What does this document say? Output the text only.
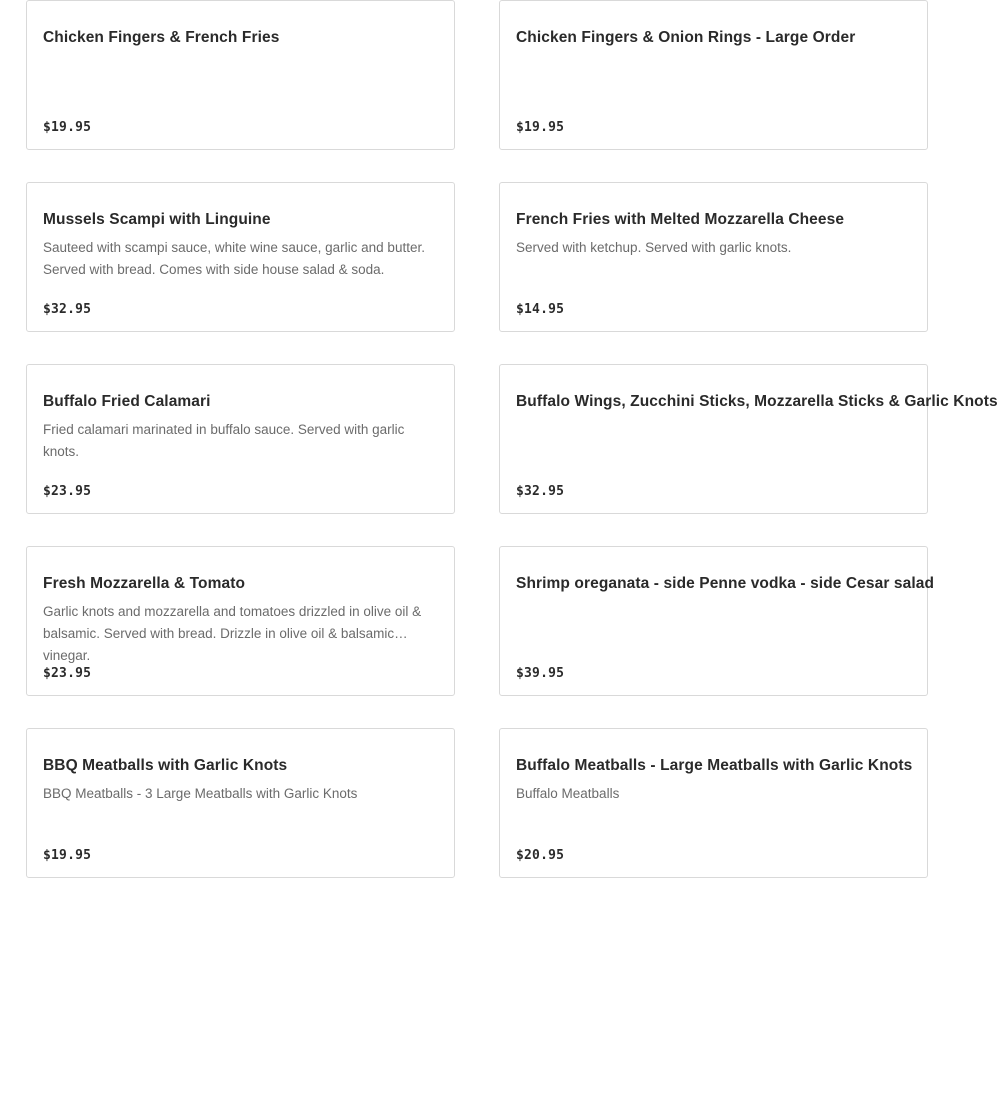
Chicken Fingers & French Fries
$19.95
Chicken Fingers & Onion Rings - Large Order
$19.95
Mussels Scampi with Linguine
Sauteed with scampi sauce, white wine sauce, garlic and butter. Served with bread. Comes with side house salad & soda.
$32.95
French Fries with Melted Mozzarella Cheese
Served with ketchup. Served with garlic knots.
$14.95
Buffalo Fried Calamari
Fried calamari marinated in buffalo sauce. Served with garlic knots.
$23.95
Buffalo Wings, Zucchini Sticks, Mozzarella Sticks & Garlic Knots
$32.95
Fresh Mozzarella & Tomato
Garlic knots and mozzarella and tomatoes drizzled in olive oil & balsamic. Served with bread. Drizzle in olive oil & balsamic vinegar.
$23.95
Shrimp oreganata - side Penne vodka - side Cesar salad
$39.95
BBQ Meatballs with Garlic Knots
BBQ Meatballs - 3 Large Meatballs with Garlic Knots
$19.95
Buffalo Meatballs - Large Meatballs with Garlic Knots
Buffalo Meatballs
$20.95
